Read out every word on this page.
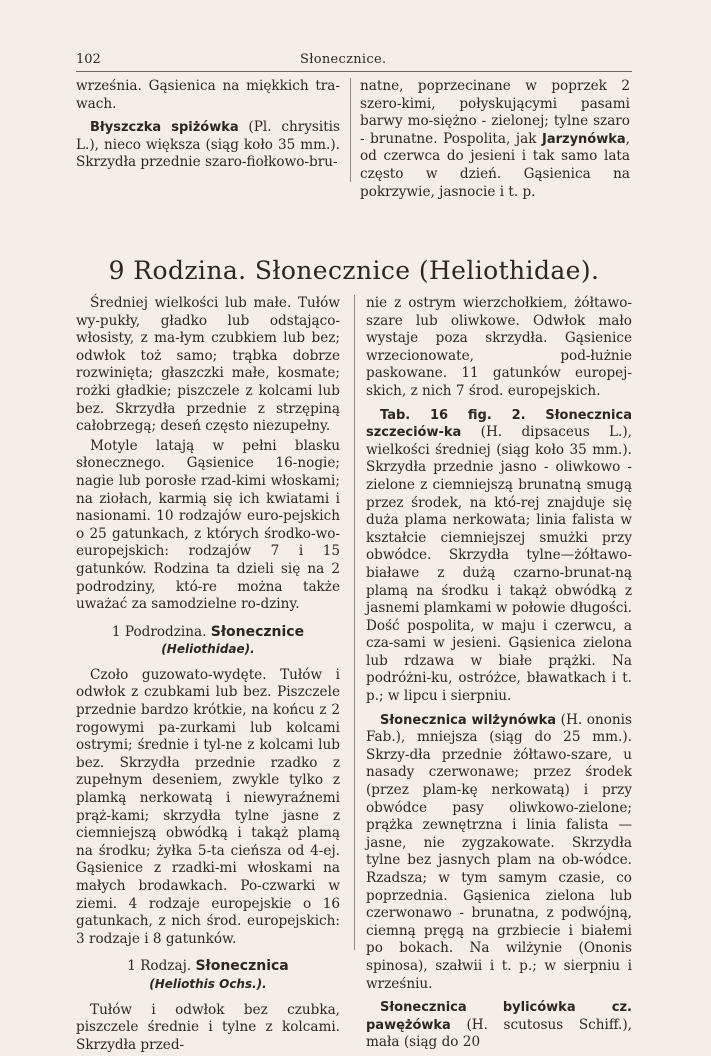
102	Słonecznice.

września. Gąsienica na miękkich tra-wach.

Błyszczka spiżówka (Pl. chrysitis L.), nieco większa (siąg koło 35 mm.). Skrzydła przednie szaro-fiołkowo-bru-

natne, poprzecinane w poprzek 2 szero-kimi, połyskującymi pasami barwy mo-siężno - zielonej; tylne szaro - brunatne. Pospolita, jak Jarzynówka, od czerwca do jesieni i tak samo lata często w dzień. Gąsienica na pokrzywie, jasnocie i t. p.

9 Rodzina. Słonecznice (Heliothidae).

Średniej wielkości lub małe. Tułów wy-pukły, gładko lub odstająco-włosisty, z ma-łym czubkiem lub bez; odwłok toż samo; trąbka dobrze rozwinięta; głaszczki małe, kosmate; rożki gładkie; piszczele z kolcami lub bez. Skrzydła przednie z strzępiną całobrzegą; deseń często niezupełny.

Motyle latają w pełni blasku słonecznego. Gąsienice 16-nogie; nagie lub porosłe rzad-kimi włoskami; na ziołach, karmią się ich kwiatami i nasionami. 10 rodzajów euro-pejskich o 25 gatunkach, z których środko-wo-europejskich: rodzajów 7 i 15 gatunków. Rodzina ta dzieli się na 2 podrodziny, któ-re można także uważać za samodzielne ro-dziny.

1 Podrodzina. Słonecznice
(Heliothidae).

Czoło guzowato-wydęte. Tułów i odwłok z czubkami lub bez. Piszczele przednie bardzo krótkie, na końcu z 2 rogowymi pa-zurkami lub kolcami ostrymi; średnie i tyl-ne z kolcami lub bez. Skrzydła przednie rzadko z zupełnym deseniem, zwykle tylko z plamką nerkowatą i niewyraźnemi prąż-kami; skrzydła tylne jasne z ciemniejszą obwódką i takąż plamą na środku; żyłka 5-ta cieńsza od 4-ej. Gąsienice z rzadki-mi włoskami na małych brodawkach. Po-czwarki w ziemi. 4 rodzaje europejskie o 16 gatunkach, z nich środ. europejskich: 3 rodzaje i 8 gatunków.

1 Rodzaj. Słonecznica
(Heliothis Ochs.).

Tułów i odwłok bez czubka, piszczele średnie i tylne z kolcami. Skrzydła przed-

nie z ostrym wierzchołkiem, żółtawo-szare lub oliwkowe. Odwłok mało wystaje poza skrzydła. Gąsienice wrzecionowate, pod-łużnie paskowane. 11 gatunków europej-skich, z nich 7 środ. europejskich.

Tab. 16 fig. 2. Słonecznica szczeciów-ka (H. dipsaceus L.), wielkości średniej (siąg koło 35 mm.). Skrzydła przednie jasno - oliwkowo - zielone z ciemniejszą brunatną smugą przez środek, na któ-rej znajduje się duża plama nerkowata; linia falista w kształcie ciemniejszej smużki przy obwódce. Skrzydła tylne—żółtawo-białawe z dużą czarno-brunat-ną plamą na środku i takąż obwódką z jasnemi plamkami w połowie długości. Dość pospolita, w maju i czerwcu, a cza-sami w jesieni. Gąsienica zielona lub rdzawa w białe prążki. Na podróżni-ku, ostróżce, bławatkach i t. p.; w lipcu i sierpniu.

Słonecznica wilżynówka (H. ononis Fab.), mniejsza (siąg do 25 mm.). Skrzy-dła przednie żółtawo-szare, u nasady czerwonawe; przez środek (przez plam-kę nerkowatą) i przy obwódce pasy oliwkowo-zielone; prążka zewnętrzna i linia falista — jasne, nie zygzakowate. Skrzydła tylne bez jasnych plam na ob-wódce. Rzadsza; w tym samym czasie, co poprzednia. Gąsienica zielona lub czerwonawo - brunatna, z podwójną, ciemną pręgą na grzbiecie i białemi po bokach. Na wilżynie (Ononis spinosa), szałwii i t. p.; w sierpniu i wrześniu.

Słonecznica bylicówka cz. pawężówka (H. scutosus Schiff.), mała (siąg do 20
